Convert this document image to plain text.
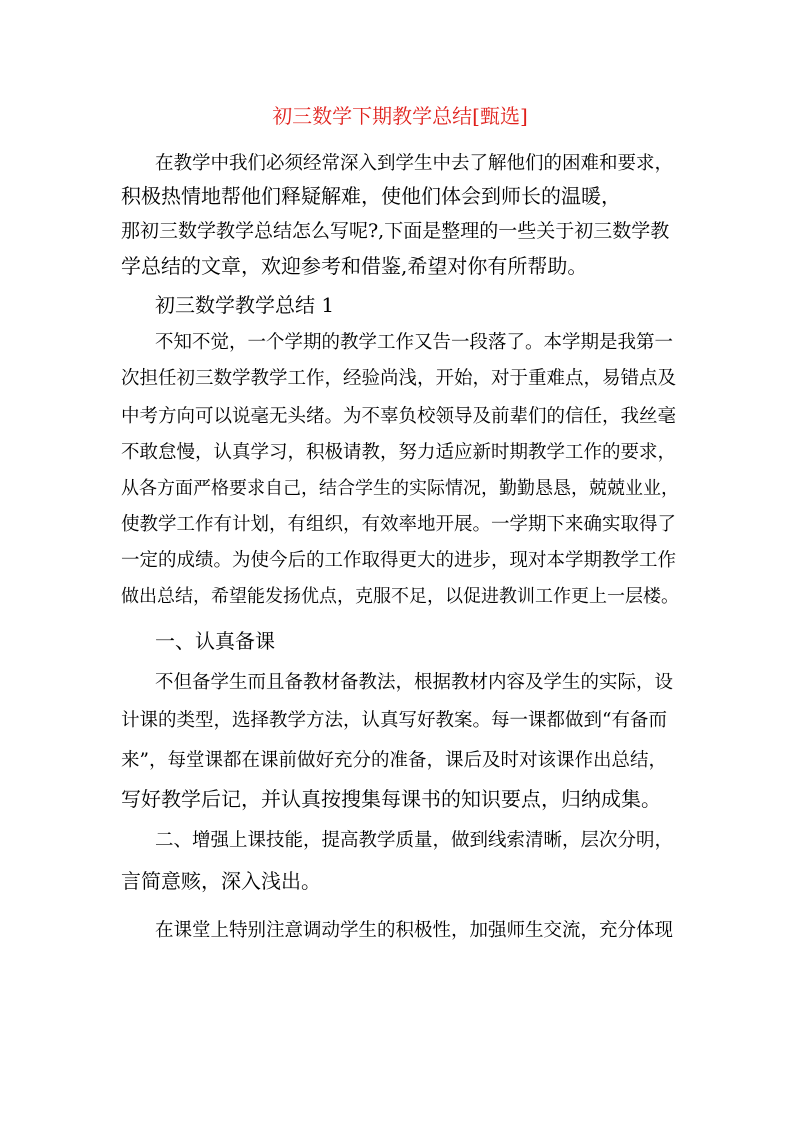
初三数学下期教学总结[甄选]
在教学中我们必须经常深入到学生中去了解他们的困难和要求，
积极热情地帮他们释疑解难，使他们体会到师长的温暖，
那初三数学教学总结怎么写呢?,下面是整理的一些关于初三数学教
学总结的文章，欢迎参考和借鉴,希望对你有所帮助。
初三数学教学总结 1
不知不觉，一个学期的教学工作又告一段落了。本学期是我第一
次担任初三数学教学工作，经验尚浅，开始，对于重难点，易错点及
中考方向可以说毫无头绪。为不辜负校领导及前辈们的信任，我丝毫
不敢怠慢，认真学习，积极请教，努力适应新时期教学工作的要求，
从各方面严格要求自己，结合学生的实际情况，勤勤恳恳，兢兢业业，
使教学工作有计划，有组织，有效率地开展。一学期下来确实取得了
一定的成绩。为使今后的工作取得更大的进步，现对本学期教学工作
做出总结，希望能发扬优点，克服不足，以促进教训工作更上一层楼。
一、认真备课
不但备学生而且备教材备教法，根据教材内容及学生的实际，设
计课的类型，选择教学方法，认真写好教案。每一课都做到“有备而
来”，每堂课都在课前做好充分的准备，课后及时对该课作出总结，
写好教学后记，并认真按搜集每课书的知识要点，归纳成集。
二、增强上课技能，提高教学质量，做到线索清晰，层次分明，
言简意赅，深入浅出。
在课堂上特别注意调动学生的积极性，加强师生交流，充分体现
